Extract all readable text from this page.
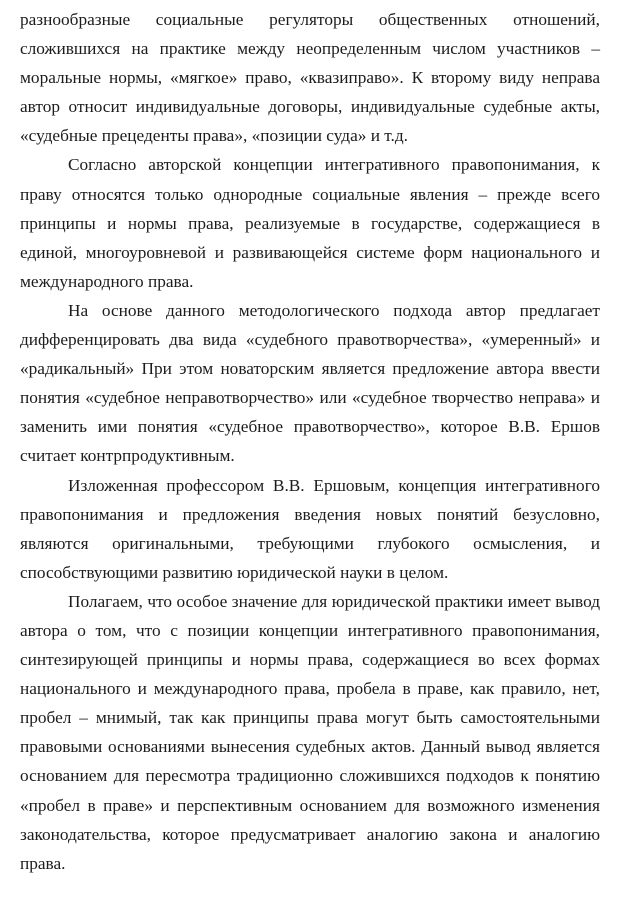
разнообразные социальные регуляторы общественных отношений, сложившихся на практике между неопределенным числом участников – моральные нормы, «мягкое» право, «квазиправо». К второму виду неправа автор относит индивидуальные договоры, индивидуальные судебные акты, «судебные прецеденты права», «позиции суда» и т.д.

Согласно авторской концепции интегративного правопонимания, к праву относятся только однородные социальные явления – прежде всего принципы и нормы права, реализуемые в государстве, содержащиеся в единой, многоуровневой и развивающейся системе форм национального и международного права.

На основе данного методологического подхода автор предлагает дифференцировать два вида «судебного правотворчества», «умеренный» и «радикальный» При этом новаторским является предложение автора ввести понятия «судебное неправотворчество» или «судебное творчество неправа» и заменить ими понятия «судебное правотворчество», которое В.В. Ершов считает контрпродуктивным.

Изложенная профессором В.В. Ершовым, концепция интегративного правопонимания и предложения введения новых понятий безусловно, являются оригинальными, требующими глубокого осмысления, и способствующими развитию юридической науки в целом.

Полагаем, что особое значение для юридической практики имеет вывод автора о том, что с позиции концепции интегративного правопонимания, синтезирующей принципы и нормы права, содержащиеся во всех формах национального и международного права, пробела в праве, как правило, нет, пробел – мнимый, так как принципы права могут быть самостоятельными правовыми основаниями вынесения судебных актов. Данный вывод является основанием для пересмотра традиционно сложившихся подходов к понятию «пробел в праве» и перспективным основанием для возможного изменения законодательства, которое предусматривает аналогию закона и аналогию права.
